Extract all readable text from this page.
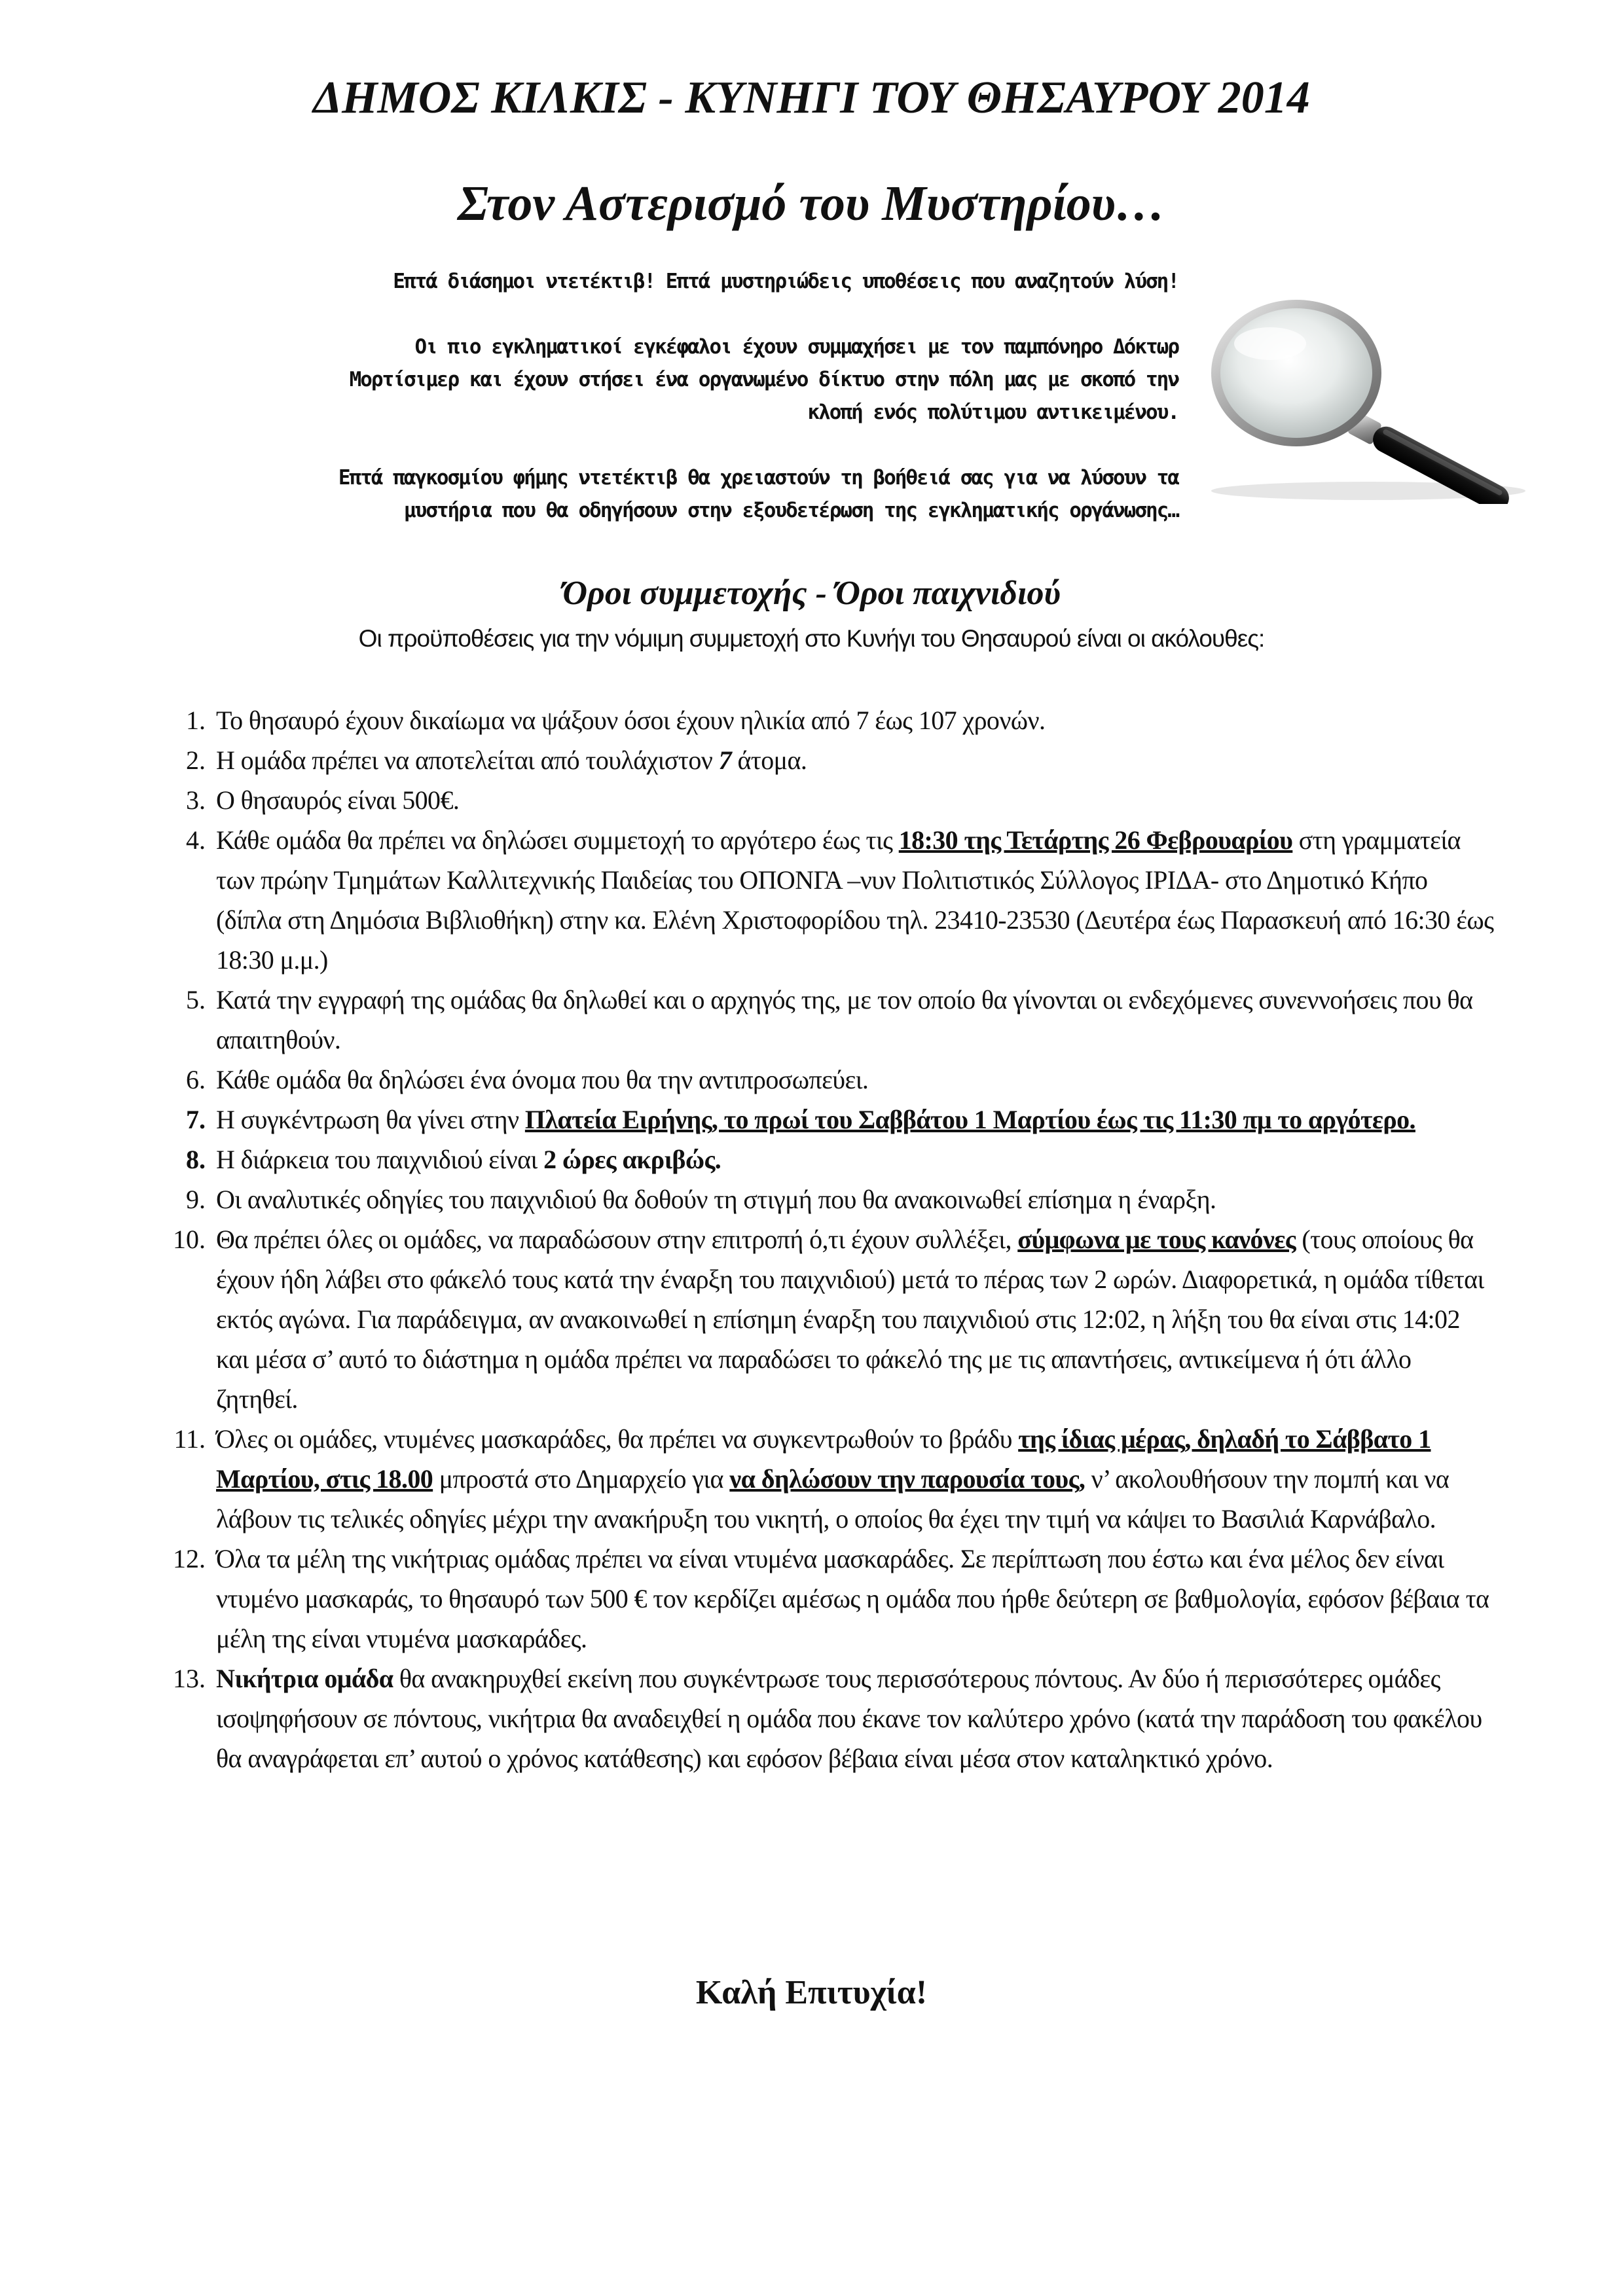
ΔΗΜΟΣ ΚΙΛΚΙΣ - ΚΥΝΗΓΙ ΤΟΥ ΘΗΣΑΥΡΟΥ 2014
Στον Αστερισμό του Μυστηρίου…

Επτά διάσημοι ντετέκτιβ! Επτά μυστηριώδεις υποθέσεις που αναζητούν λύση!

Οι πιο εγκληματικοί εγκέφαλοι έχουν συμμαχήσει με τον παμπόνηρο Δόκτωρ
Μορτίσιμερ και έχουν στήσει ένα οργανωμένο δίκτυο στην πόλη μας με σκοπό την
κλοπή ενός πολύτιμου αντικειμένου.

Επτά παγκοσμίου φήμης ντετέκτιβ θα χρειαστούν τη βοήθειά σας για να λύσουν τα
μυστήρια που θα οδηγήσουν στην εξουδετέρωση της εγκληματικής οργάνωσης…

Όροι συμμετοχής - Όροι παιχνιδιού

Οι προϋποθέσεις για την νόμιμη συμμετοχή στο Κυνήγι του Θησαυρού είναι οι ακόλουθες:

1. Το θησαυρό έχουν δικαίωμα να ψάξουν όσοι έχουν ηλικία από 7 έως 107 χρονών.
2. Η ομάδα πρέπει να αποτελείται από τουλάχιστον 7 άτομα.
3. Ο θησαυρός είναι 500€.
4. Κάθε ομάδα θα πρέπει να δηλώσει συμμετοχή το αργότερο έως τις 18:30 της Τετάρτης 26 Φεβρουαρίου στη γραμματεία των πρώην Τμημάτων Καλλιτεχνικής Παιδείας του ΟΠΟΝΓΑ –νυν Πολιτιστικός Σύλλογος ΙΡΙΔΑ- στο Δημοτικό Κήπο (δίπλα στη Δημόσια Βιβλιοθήκη) στην κα. Ελένη Χριστοφορίδου τηλ. 23410-23530 (Δευτέρα έως Παρασκευή από 16:30 έως 18:30 μ.μ.)
5. Κατά την εγγραφή της ομάδας θα δηλωθεί και ο αρχηγός της, με τον οποίο θα γίνονται οι ενδεχόμενες συνεννοήσεις που θα απαιτηθούν.
6. Κάθε ομάδα θα δηλώσει ένα όνομα που θα την αντιπροσωπεύει.
7. Η συγκέντρωση θα γίνει στην Πλατεία Ειρήνης, το πρωί του Σαββάτου 1 Μαρτίου έως τις 11:30 πμ το αργότερο.
8. Η διάρκεια του παιχνιδιού είναι 2 ώρες ακριβώς.
9. Οι αναλυτικές οδηγίες του παιχνιδιού θα δοθούν τη στιγμή που θα ανακοινωθεί επίσημα η έναρξη.
10. Θα πρέπει όλες οι ομάδες, να παραδώσουν στην επιτροπή ό,τι έχουν συλλέξει, σύμφωνα με τους κανόνες (τους οποίους θα έχουν ήδη λάβει στο φάκελό τους κατά την έναρξη του παιχνιδιού) μετά το πέρας των 2 ωρών. Διαφορετικά, η ομάδα τίθεται εκτός αγώνα. Για παράδειγμα, αν ανακοινωθεί η επίσημη έναρξη του παιχνιδιού στις 12:02, η λήξη του θα είναι στις 14:02 και μέσα σ’ αυτό το διάστημα η ομάδα πρέπει να παραδώσει το φάκελό της με τις απαντήσεις, αντικείμενα ή ότι άλλο ζητηθεί.
11. Όλες οι ομάδες, ντυμένες μασκαράδες, θα πρέπει να συγκεντρωθούν το βράδυ της ίδιας μέρας, δηλαδή το Σάββατο 1 Μαρτίου, στις 18.00 μπροστά στο Δημαρχείο για να δηλώσουν την παρουσία τους, ν’ ακολουθήσουν την πομπή και να λάβουν τις τελικές οδηγίες μέχρι την ανακήρυξη του νικητή, ο οποίος θα έχει την τιμή να κάψει το Βασιλιά Καρνάβαλο.
12. Όλα τα μέλη της νικήτριας ομάδας πρέπει να είναι ντυμένα μασκαράδες. Σε περίπτωση που έστω και ένα μέλος δεν είναι ντυμένο μασκαράς, το θησαυρό των 500 € τον κερδίζει αμέσως η ομάδα που ήρθε δεύτερη σε βαθμολογία, εφόσον βέβαια τα μέλη της είναι ντυμένα μασκαράδες.
13. Νικήτρια ομάδα θα ανακηρυχθεί εκείνη που συγκέντρωσε τους περισσότερους πόντους. Αν δύο ή περισσότερες ομάδες ισοψηφήσουν σε πόντους, νικήτρια θα αναδειχθεί η ομάδα που έκανε τον καλύτερο χρόνο (κατά την παράδοση του φακέλου θα αναγράφεται επ’ αυτού ο χρόνος κατάθεσης) και εφόσον βέβαια είναι μέσα στον καταληκτικό χρόνο.

Καλή Επιτυχία!
